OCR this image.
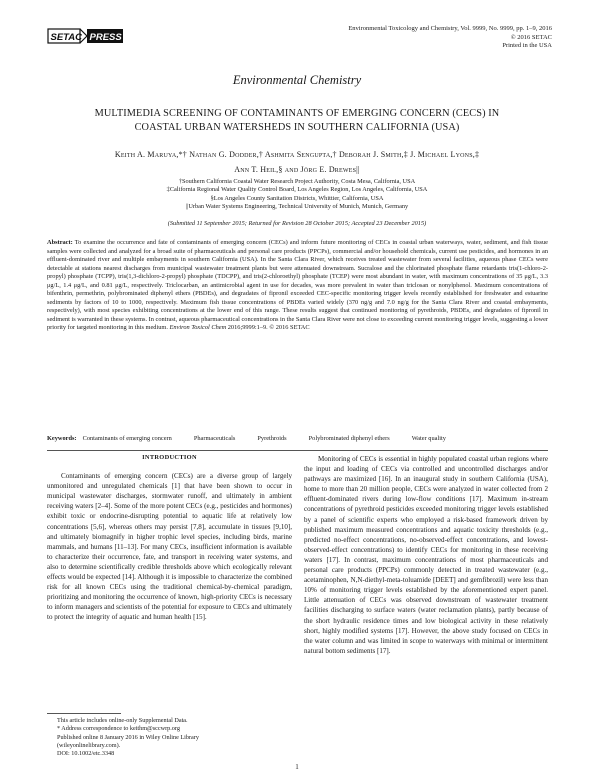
SETAC PRESS
Environmental Toxicology and Chemistry, Vol. 9999, No. 9999, pp. 1–9, 2016
© 2016 SETAC
Printed in the USA
Environmental Chemistry
MULTIMEDIA SCREENING OF CONTAMINANTS OF EMERGING CONCERN (CECS) IN
COASTAL URBAN WATERSHEDS IN SOUTHERN CALIFORNIA (USA)
Keith A. Maruya,*† Nathan G. Dodder,† Ashmita Sengupta,† Deborah J. Smith,‡ J. Michael Lyons,‡
Ann T. Heil,§ and Jörg E. Drewes||
†Southern California Coastal Water Research Project Authority, Costa Mesa, California, USA
‡California Regional Water Quality Control Board, Los Angeles Region, Los Angeles, California, USA
§Los Angeles County Sanitation Districts, Whittier, California, USA
||Urban Water Systems Engineering, Technical University of Munich, Munich, Germany
(Submitted 11 September 2015; Returned for Revision 28 October 2015; Accepted 23 December 2015)
Abstract: To examine the occurrence and fate of contaminants of emerging concern (CECs) and inform future monitoring of CECs in coastal urban waterways, water, sediment, and fish tissue samples were collected and analyzed for a broad suite of pharmaceuticals and personal care products (PPCPs), commercial and/or household chemicals, current use pesticides, and hormones in an effluent-dominated river and multiple embayments in southern California (USA). In the Santa Clara River, which receives treated wastewater from several facilities, aqueous phase CECs were detectable at stations nearest discharges from municipal wastewater treatment plants but were attenuated downstream. Sucralose and the chlorinated phosphate flame retardants tris(1-chloro-2-propyl) phosphate (TCPP), tris(1,3-dichloro-2-propyl) phosphate (TDCPP), and tris(2-chloroethyl) phosphate (TCEP) were most abundant in water, with maximum concentrations of 35 μg/L, 3.3 μg/L, 1.4 μg/L, and 0.81 μg/L, respectively. Triclocarban, an antimicrobial agent in use for decades, was more prevalent in water than triclosan or nonylphenol. Maximum concentrations of bifenthrin, permethrin, polybrominated diphenyl ethers (PBDEs), and degradates of fipronil exceeded CEC-specific monitoring trigger levels recently established for freshwater and estuarine sediments by factors of 10 to 1000, respectively. Maximum fish tissue concentrations of PBDEs varied widely (370 ng/g and 7.0 ng/g for the Santa Clara River and coastal embayments, respectively), with most species exhibiting concentrations at the lower end of this range. These results suggest that continued monitoring of pyrethroids, PBDEs, and degradates of fipronil in sediment is warranted in these systems. In contrast, aqueous pharmaceutical concentrations in the Santa Clara River were not close to exceeding current monitoring trigger levels, suggesting a lower priority for targeted monitoring in this medium. Environ Toxicol Chem 2016;9999:1–9. © 2016 SETAC
Keywords: Contaminants of emerging concern	Pharmaceuticals	Pyrethroids	Polybrominated diphenyl ethers	Water quality
INTRODUCTION

Contaminants of emerging concern (CECs) are a diverse group of largely unmonitored and unregulated chemicals [1] that have been shown to occur in municipal wastewater discharges, stormwater runoff, and ultimately in ambient receiving waters [2–4]. Some of the more potent CECs (e.g., pesticides and hormones) exhibit toxic or endocrine-disrupting potential to aquatic life at relatively low concentrations [5,6], whereas others may persist [7,8], accumulate in tissues [9,10], and ultimately biomagnify in higher trophic level species, including birds, marine mammals, and humans [11–13]. For many CECs, insufficient information is available to characterize their occurrence, fate, and transport in receiving water systems, and also to determine scientifically credible thresholds above which ecologically relevant effects would be expected [14]. Although it is impossible to characterize the combined risk for all known CECs using the traditional chemical-by-chemical paradigm, prioritizing and monitoring the occurrence of known, high-priority CECs is necessary to inform managers and scientists of the potential for exposure to CECs and ultimately to protect the integrity of aquatic and human health [15].

Monitoring of CECs is essential in highly populated coastal urban regions where the input and loading of CECs via controlled and uncontrolled discharges and/or pathways are maximized [16]. In an inaugural study in southern California (USA), home to more than 20 million people, CECs were analyzed in water collected from 2 effluent-dominated rivers during low-flow conditions [17]. Maximum in-stream concentrations of pyrethroid pesticides exceeded monitoring trigger levels established by a panel of scientific experts who employed a risk-based framework driven by published maximum measured concentrations and aquatic toxicity thresholds (e.g., predicted no-effect concentrations, no-observed-effect concentrations, and lowest-observed-effect concentrations) to identify CECs for monitoring in these receiving waters [17]. In contrast, maximum concentrations of most pharmaceuticals and personal care products (PPCPs) commonly detected in treated wastewater (e.g., acetaminophen, N,N-diethyl-meta-toluamide [DEET] and gemfibrozil) were less than 10% of monitoring trigger levels established by the aforementioned expert panel. Little attenuation of CECs was observed downstream of wastewater treatment facilities discharging to surface waters (water reclamation plants), partly because of the short hydraulic residence times and low biological activity in these relatively short, highly modified systems [17]. However, the above study focused on CECs in the water column and was limited in scope to waterways with minimal or intermittent natural bottom sediments [17].

This article includes online-only Supplemental Data.
* Address correspondence to keithm@sccwrp.org
Published online 8 January 2016 in Wiley Online Library
(wileyonlinelibrary.com).
DOI: 10.1002/etc.3348
1
